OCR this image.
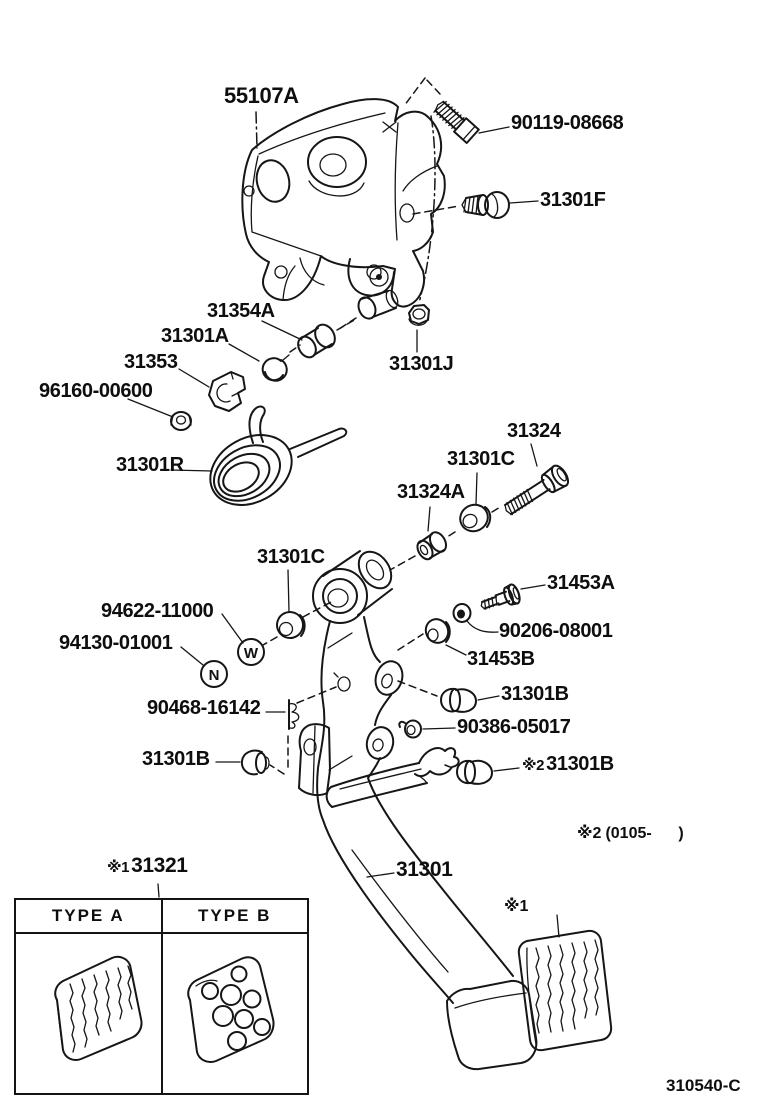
W
N
55107A
90119-08668
31301F
31354A
31301A
31353
96160-00600
31301R
31301J
31324
31301C
31324A
31301C
94622-11000
94130-01001
31453A
90206-08001
31453B
31301B
90386-05017
※2 31301B
90468-16142
31301B
※2 (0105-      )
※131321	31301
※1
310540-C
TYPE A	TYPE B
